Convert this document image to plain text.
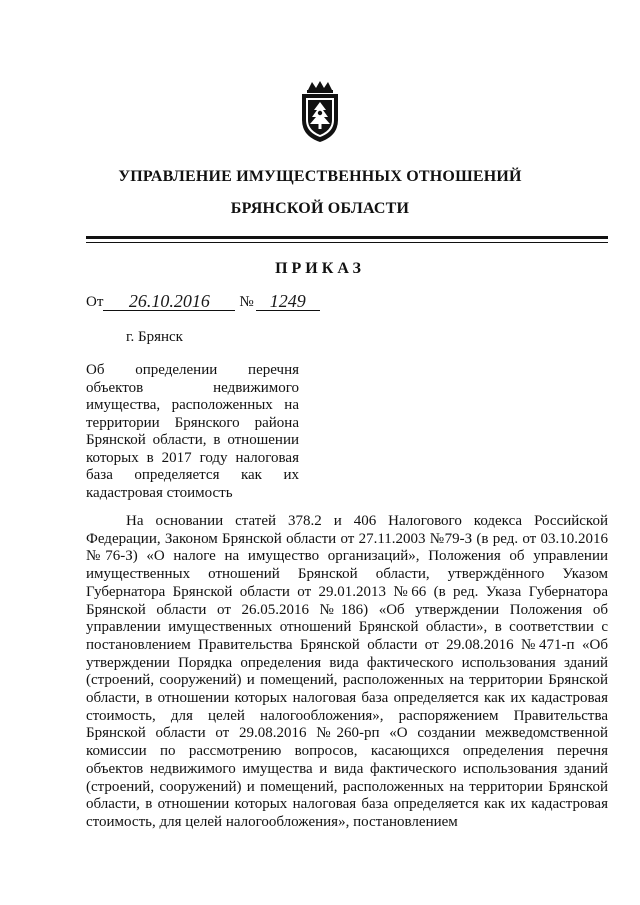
УПРАВЛЕНИЕ ИМУЩЕСТВЕННЫХ ОТНОШЕНИЙ
БРЯНСКОЙ ОБЛАСТИ
ПРИКАЗ
От	26.10.2016	№ 1249
г. Брянск
Об определении перечня объектов недвижимого имущества, расположенных на территории Брянского района Брянской области, в отношении которых в 2017 году налоговая база определяется как их кадастровая стоимость

На основании статей 378.2 и 406 Налогового кодекса Российской Федерации, Законом Брянской области от 27.11.2003 №79-З (в ред. от 03.10.2016 №76-З) «О налоге на имущество организаций», Положения об управлении имущественных отношений Брянской области, утверждённого Указом Губернатора Брянской области от 29.01.2013 №66 (в ред. Указа Губернатора Брянской области от 26.05.2016 №186) «Об утверждении Положения об управлении имущественных отношений Брянской области», в соответствии с постановлением Правительства Брянской области от 29.08.2016 №471-п «Об утверждении Порядка определения вида фактического использования зданий (строений, сооружений) и помещений, расположенных на территории Брянской области, в отношении которых налоговая база определяется как их кадастровая стоимость, для целей налогообложения», распоряжением Правительства Брянской области от 29.08.2016 №260-рп «О создании межведомственной комиссии по рассмотрению вопросов, касающихся определения перечня объектов недвижимого имущества и вида фактического использования зданий (строений, сооружений) и помещений, расположенных на территории Брянской области, в отношении которых налоговая база определяется как их кадастровая стоимость, для целей налогообложения», постановлением
